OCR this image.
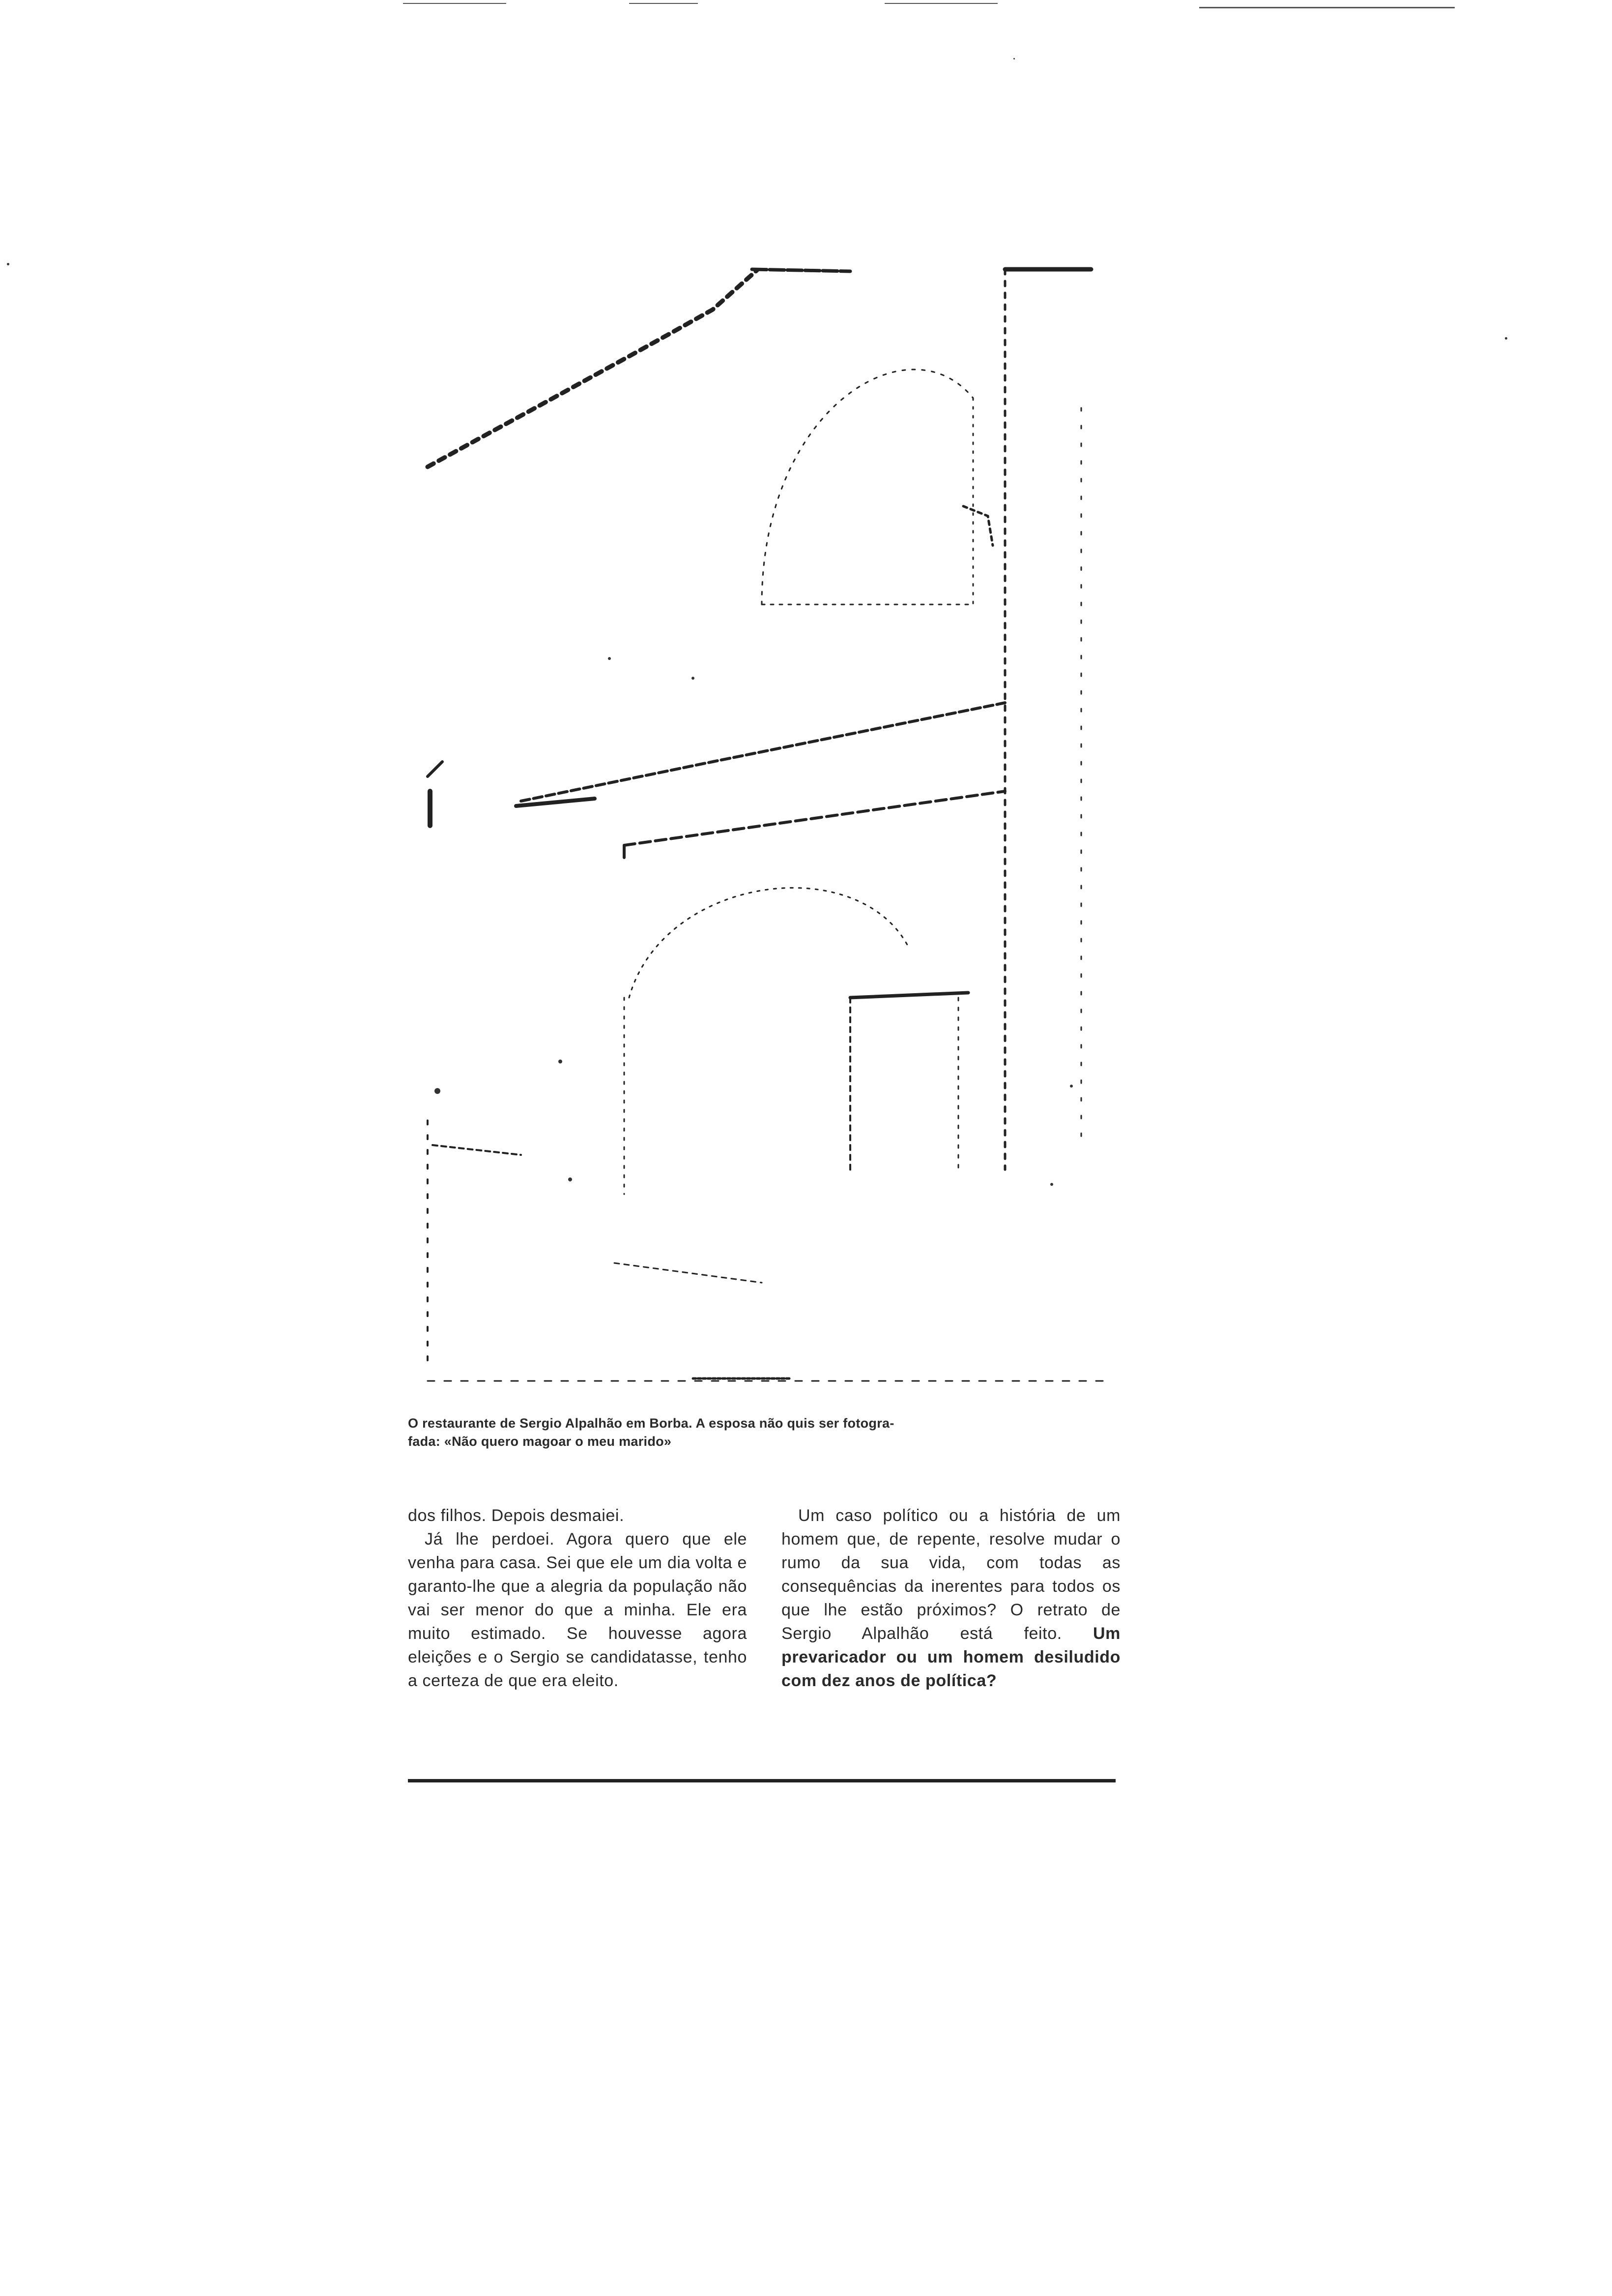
O restaurante de Sergio Alpalhão em Borba. A esposa não quis ser fotogra-

fada: «Não quero magoar o meu marido»

dos filhos. Depois desmaiei.

Já lhe perdoei. Agora quero que ele venha para casa. Sei que ele um dia volta e garanto-lhe que a alegria da população não vai ser menor do que a minha. Ele era muito estimado. Se houvesse agora eleições e o Sergio se candidatasse, tenho a certeza de que era eleito.

Um caso político ou a história de um homem que, de repente, resolve mudar o rumo da sua vida, com todas as consequências da inerentes para todos os que lhe estão próximos? O retrato de Sergio Alpalhão está feito. Um prevaricador ou um homem desiludido com dez anos de política?
